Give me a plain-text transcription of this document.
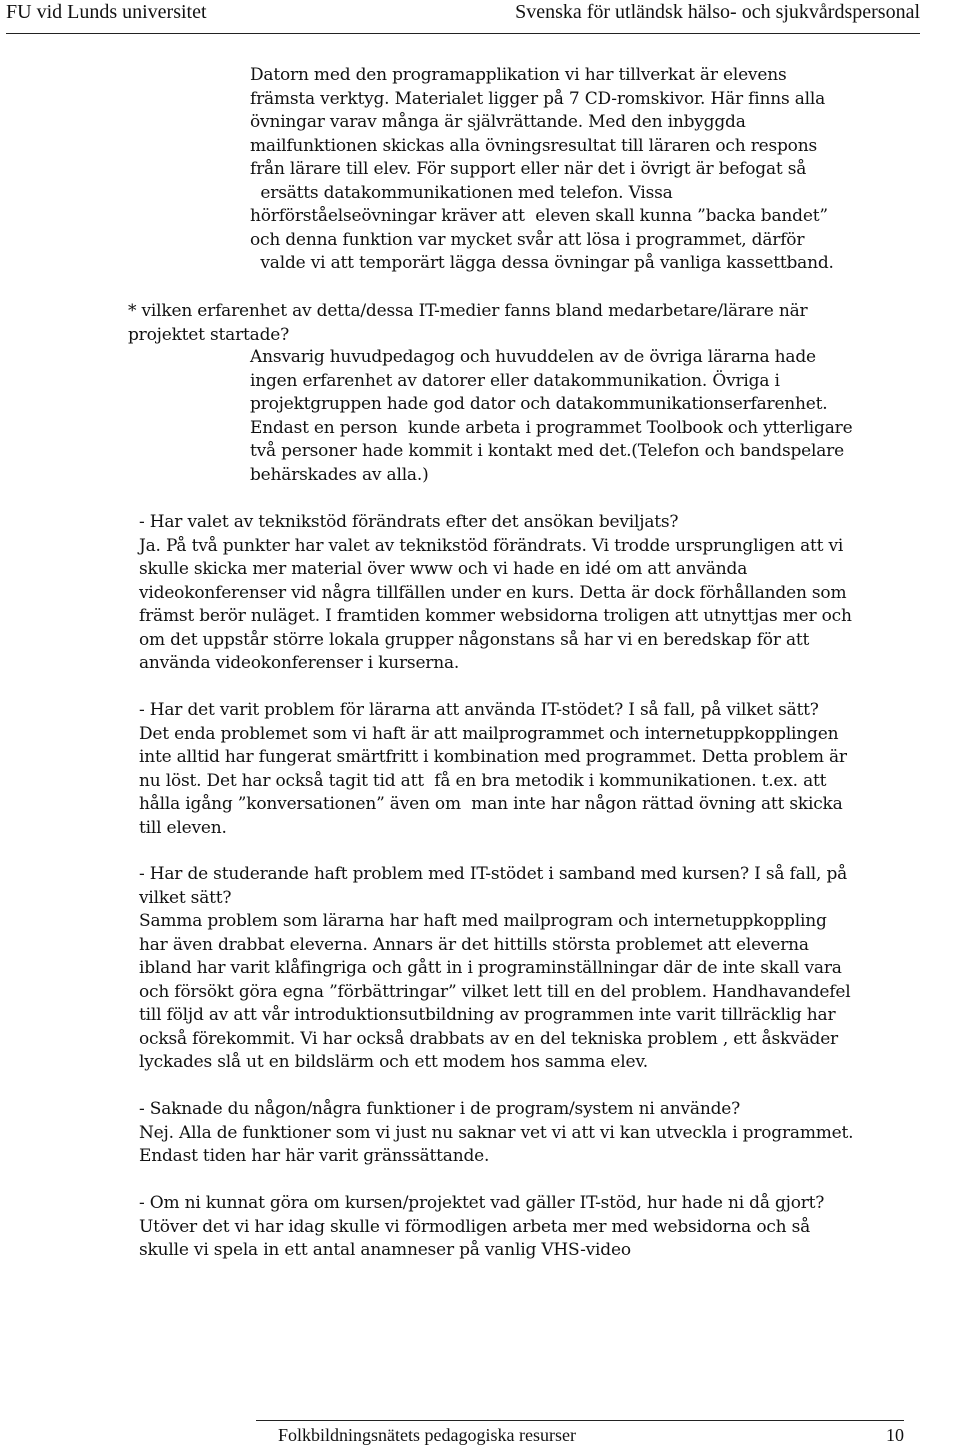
FU vid Lunds universitet	Svenska för utländsk hälso- och sjukvårdspersonal
Datorn med den programapplikation vi har tillverkat är elevens
främsta verktyg. Materialet ligger på 7 CD-romskivor. Här finns alla
övningar varav många är självrättande. Med den inbyggda
mailfunktionen skickas alla övningsresultat till läraren och respons
från lärare till elev. För support eller när det i övrigt är befogat så
ersätts datakommunikationen med telefon. Vissa
hörförståelseövningar kräver att  eleven skall kunna ”backa bandet”
och denna funktion var mycket svår att lösa i programmet, därför
valde vi att temporärt lägga dessa övningar på vanliga kassettband.
* vilken erfarenhet av detta/dessa IT-medier fanns bland medarbetare/lärare när
projektet startade?
Ansvarig huvudpedagog och huvuddelen av de övriga lärarna hade
ingen erfarenhet av datorer eller datakommunikation. Övriga i
projektgruppen hade god dator och datakommunikationserfarenhet.
Endast en person  kunde arbeta i programmet Toolbook och ytterligare
två personer hade kommit i kontakt med det.(Telefon och bandspelare
behärskades av alla.)
- Har valet av teknikstöd förändrats efter det ansökan beviljats?
Ja. På två punkter har valet av teknikstöd förändrats. Vi trodde ursprungligen att vi
skulle skicka mer material över www och vi hade en idé om att använda
videokonferenser vid några tillfällen under en kurs. Detta är dock förhållanden som
främst berör nuläget. I framtiden kommer websidorna troligen att utnyttjas mer och
om det uppstår större lokala grupper någonstans så har vi en beredskap för att
använda videokonferenser i kurserna.
- Har det varit problem för lärarna att använda IT-stödet? I så fall, på vilket sätt?
Det enda problemet som vi haft är att mailprogrammet och internetuppkopplingen
inte alltid har fungerat smärtfritt i kombination med programmet. Detta problem är
nu löst. Det har också tagit tid att  få en bra metodik i kommunikationen. t.ex. att
hålla igång ”konversationen” även om  man inte har någon rättad övning att skicka
till eleven.
- Har de studerande haft problem med IT-stödet i samband med kursen? I så fall, på
vilket sätt?
Samma problem som lärarna har haft med mailprogram och internetuppkoppling
har även drabbat eleverna. Annars är det hittills största problemet att eleverna
ibland har varit klåfingriga och gått in i programinställningar där de inte skall vara
och försökt göra egna ”förbättringar” vilket lett till en del problem. Handhavandefel
till följd av att vår introduktionsutbildning av programmen inte varit tillräcklig har
också förekommit. Vi har också drabbats av en del tekniska problem , ett åskväder
lyckades slå ut en bildslärm och ett modem hos samma elev.
- Saknade du någon/några funktioner i de program/system ni använde?
Nej. Alla de funktioner som vi just nu saknar vet vi att vi kan utveckla i programmet.
Endast tiden har här varit gränssättande.
- Om ni kunnat göra om kursen/projektet vad gäller IT-stöd, hur hade ni då gjort?
Utöver det vi har idag skulle vi förmodligen arbeta mer med websidorna och så
skulle vi spela in ett antal anamneser på vanlig VHS-video
Folkbildningsnätets pedagogiska resurser	10
